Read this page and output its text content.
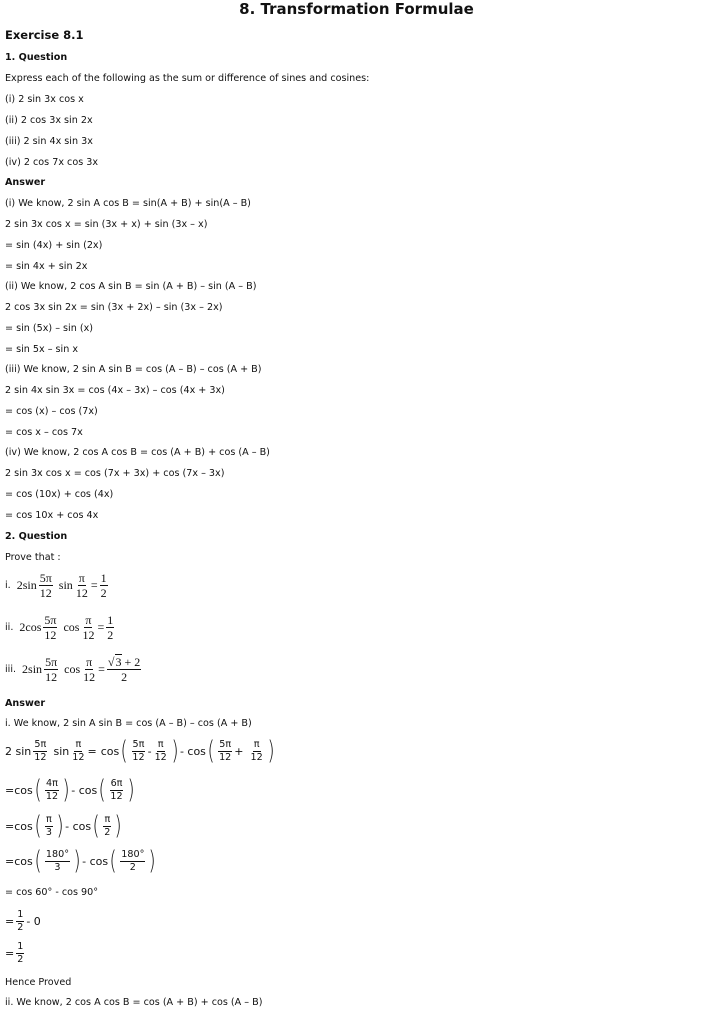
8. Transformation Formulae
Exercise 8.1
1. Question
Express each of the following as the sum or difference of sines and cosines:
(i) 2 sin 3x cos x
(ii) 2 cos 3x sin 2x
(iii) 2 sin 4x sin 3x
(iv) 2 cos 7x cos 3x
Answer
(i) We know, 2 sin A cos B = sin(A + B) + sin(A – B)
2 sin 3x cos x = sin (3x + x) + sin (3x – x)
= sin (4x) + sin (2x)
= sin 4x + sin 2x
(ii) We know, 2 cos A sin B = sin (A + B) – sin (A – B)
2 cos 3x sin 2x = sin (3x + 2x) – sin (3x – 2x)
= sin (5x) – sin (x)
= sin 5x – sin x
(iii) We know, 2 sin A sin B = cos (A – B) – cos (A + B)
2 sin 4x sin 3x = cos (4x – 3x) – cos (4x + 3x)
= cos (x) – cos (7x)
= cos x – cos 7x
(iv) We know, 2 cos A cos B = cos (A + B) + cos (A – B)
2 sin 3x cos x = cos (7x + 3x) + cos (7x – 3x)
= cos (10x) + cos (4x)
= cos 10x + cos 4x
2. Question
Prove that :
i. $2\sin \frac{5\pi}{12}$ $\sin \frac{\pi}{12} = \frac{1}{2}$
ii. $2\cos \frac{5\pi}{12}$ $\cos \frac{\pi}{12} = \frac{1}{2}$
iii. $2\sin \frac{5\pi}{12}$ $\cos \frac{\pi}{12} = \frac{√3 + 2}{2}$
Answer
i. We know, 2 sin A sin B = cos (A – B) – cos (A + B)
2 sin
5π
12 sin
π
12 =
cos ( 5π
12 -
π
12 ) - cos ( 5π
12 +
π
12 )
=cos ( 4π
12 ) - cos ( 6π
12 )
=cos ( π
3 ) - cos ( π
2 )
=cos ( 180°
3 ) - cos ( 180°
2 )
= cos 60° - cos 90°
=
1
2 - 0
=
1
2
Hence Proved
ii. We know, 2 cos A cos B = cos (A + B) + cos (A – B)
